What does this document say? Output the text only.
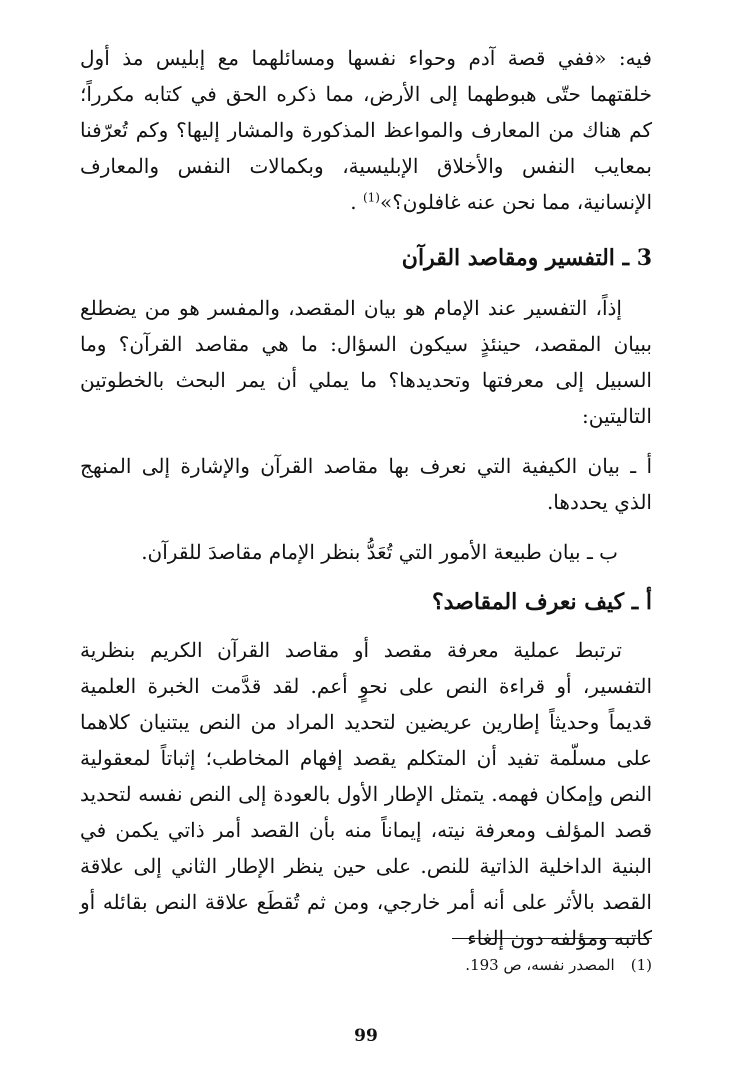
فيه: «ففي قصة آدم وحواء نفسها ومسائلهما مع إبليس مذ أول خلقتهما حتّى هبوطهما إلى الأرض، مما ذكره الحق في كتابه مكرراً؛ كم هناك من المعارف والمواعظ المذكورة والمشار إليها؟ وكم تُعرّفنا بمعايب النفس والأخلاق الإبليسية، وبكمالات النفس والمعارف الإنسانية، مما نحن عنه غافلون؟»$^{(1)}$ .

3 ـ التفسير ومقاصد القرآن

إذاً، التفسير عند الإمام هو بيان المقصد، والمفسر هو من يضطلع ببيان المقصد، حينئذٍ سيكون السؤال: ما هي مقاصد القرآن؟ وما السبيل إلى معرفتها وتحديدها؟ ما يملي أن يمر البحث بالخطوتين التاليتين:

أ ـ بيان الكيفية التي نعرف بها مقاصد القرآن والإشارة إلى المنهج الذي يحددها.

ب ـ بيان طبيعة الأمور التي تُعَدُّ بنظر الإمام مقاصدَ للقرآن.

أ ـ كيف نعرف المقاصد؟

ترتبط عملية معرفة مقصد أو مقاصد القرآن الكريم بنظرية التفسير، أو قراءة النص على نحوٍ أعم. لقد قدَّمت الخبرة العلمية قديماً وحديثاً إطارين عريضين لتحديد المراد من النص يبتنيان كلاهما على مسلّمة تفيد أن المتكلم يقصد إفهام المخاطب؛ إثباتاً لمعقولية النص وإمكان فهمه. يتمثل الإطار الأول بالعودة إلى النص نفسه لتحديد قصد المؤلف ومعرفة نيته، إيماناً منه بأن القصد أمر ذاتي يكمن في البنية الداخلية الذاتية للنص. على حين ينظر الإطار الثاني إلى علاقة القصد بالأثر على أنه أمر خارجي، ومن ثم تُقطَع علاقة النص بقائله أو كاتبه ومؤلفه دون إلغاء

(1)المصدر نفسه، ص 193.
99
